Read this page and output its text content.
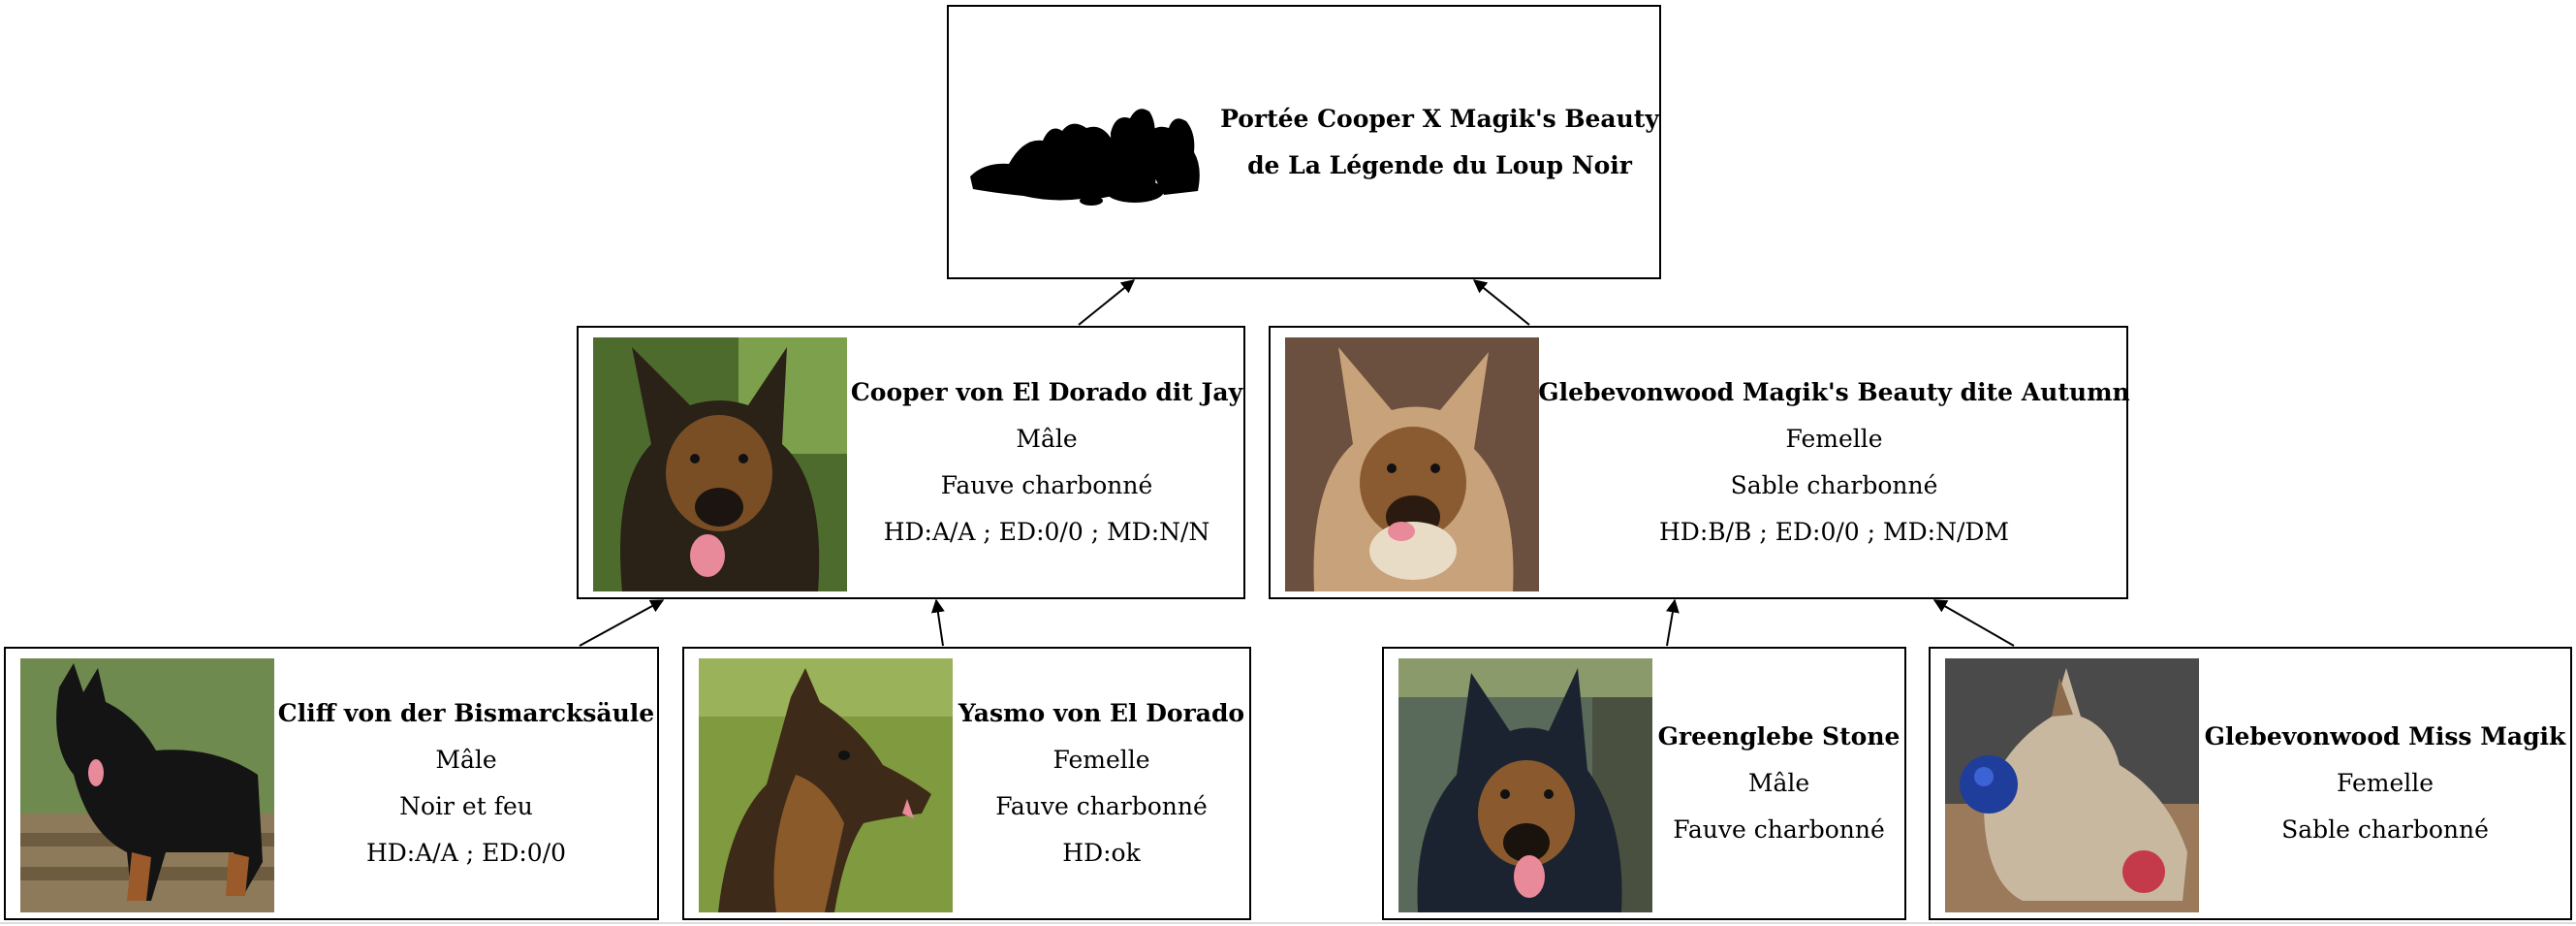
Portée Cooper X Magik's Beauty
de La Légende du Loup Noir
Cooper von El Dorado dit Jay
Mâle
Fauve charbonné
HD:A/A ; ED:0/0 ; MD:N/N
Glebevonwood Magik's Beauty dite Autumn
Femelle
Sable charbonné
HD:B/B ; ED:0/0 ; MD:N/DM
Cliff von der Bismarcksäule
Mâle
Noir et feu
HD:A/A ; ED:0/0
Yasmo von El Dorado
Femelle
Fauve charbonné
HD:ok
Greenglebe Stone
Mâle
Fauve charbonné
Glebevonwood Miss Magik
Femelle
Sable charbonné
